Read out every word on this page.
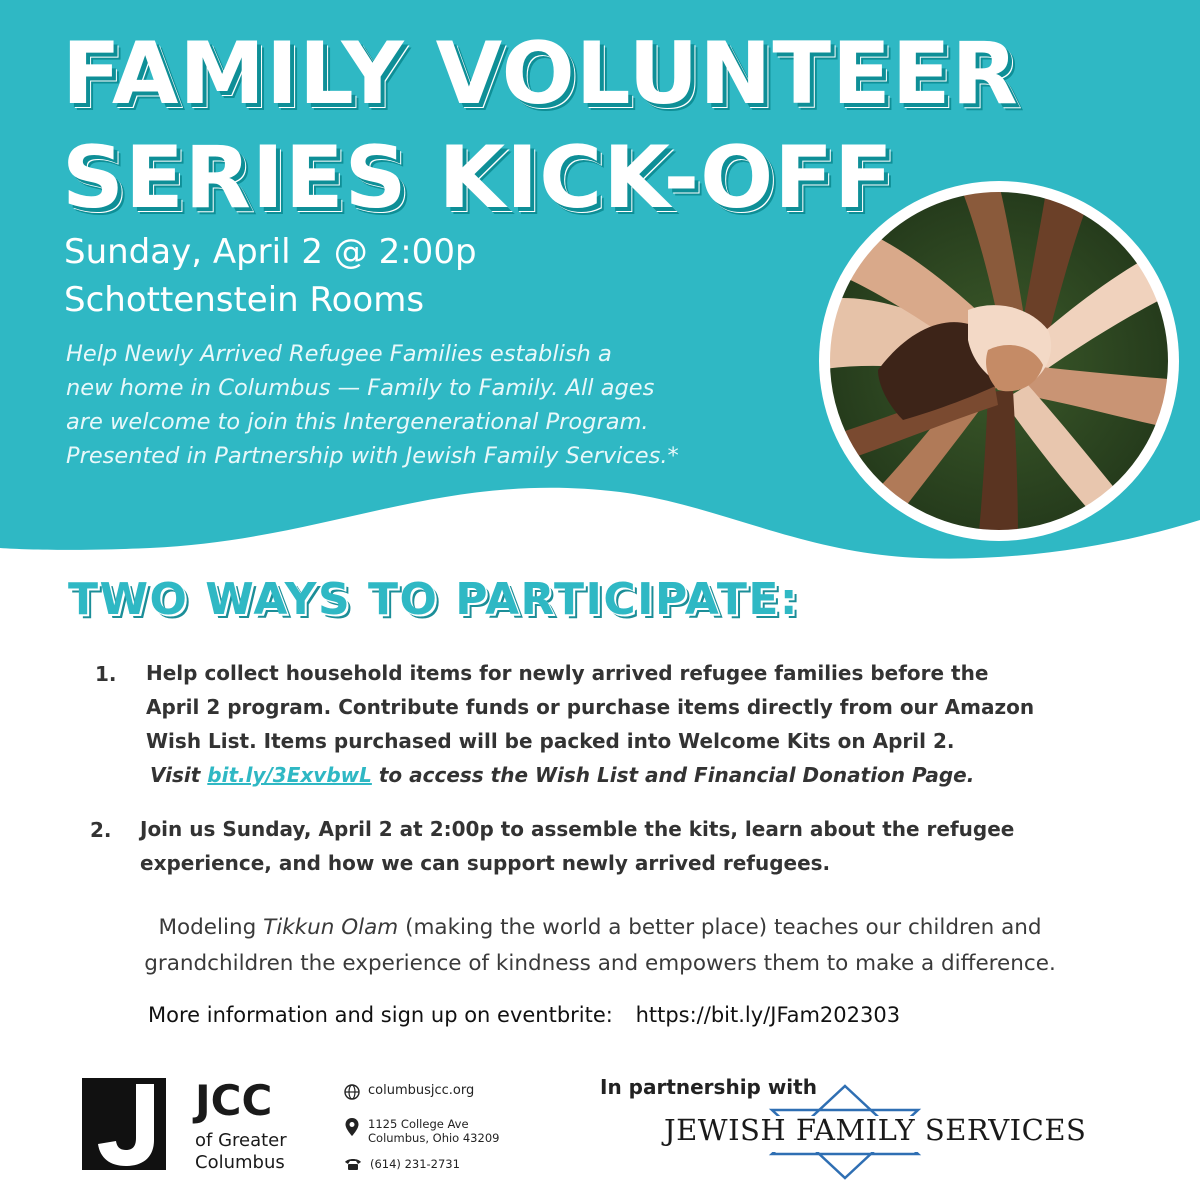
FAMILY VOLUNTEER
SERIES KICK-OFF
Sunday, April 2 @ 2:00p
Schottenstein Rooms
Help Newly Arrived Refugee Families establish a
new home in Columbus — Family to Family. All ages
are welcome to join this Intergenerational Program.
Presented in Partnership with Jewish Family Services.*
TWO WAYS TO PARTICIPATE:
1. Help collect household items for newly arrived refugee families before the
April 2 program. Contribute funds or purchase items directly from our Amazon
Wish List. Items purchased will be packed into Welcome Kits on April 2.
Visit bit.ly/3ExvbwL to access the Wish List and Financial Donation Page.
2. Join us Sunday, April 2 at 2:00p to assemble the kits, learn about the refugee
experience, and how we can support newly arrived refugees.
Modeling Tikkun Olam (making the world a better place) teaches our children and
grandchildren the experience of kindness and empowers them to make a difference.
More information and sign up on eventbrite: https://bit.ly/JFam202303
JCC
of Greater
Columbus
columbusjcc.org
1125 College Ave
Columbus, Ohio 43209
(614) 231-2731
In partnership with
JEWISH FAMILY SERVICES
